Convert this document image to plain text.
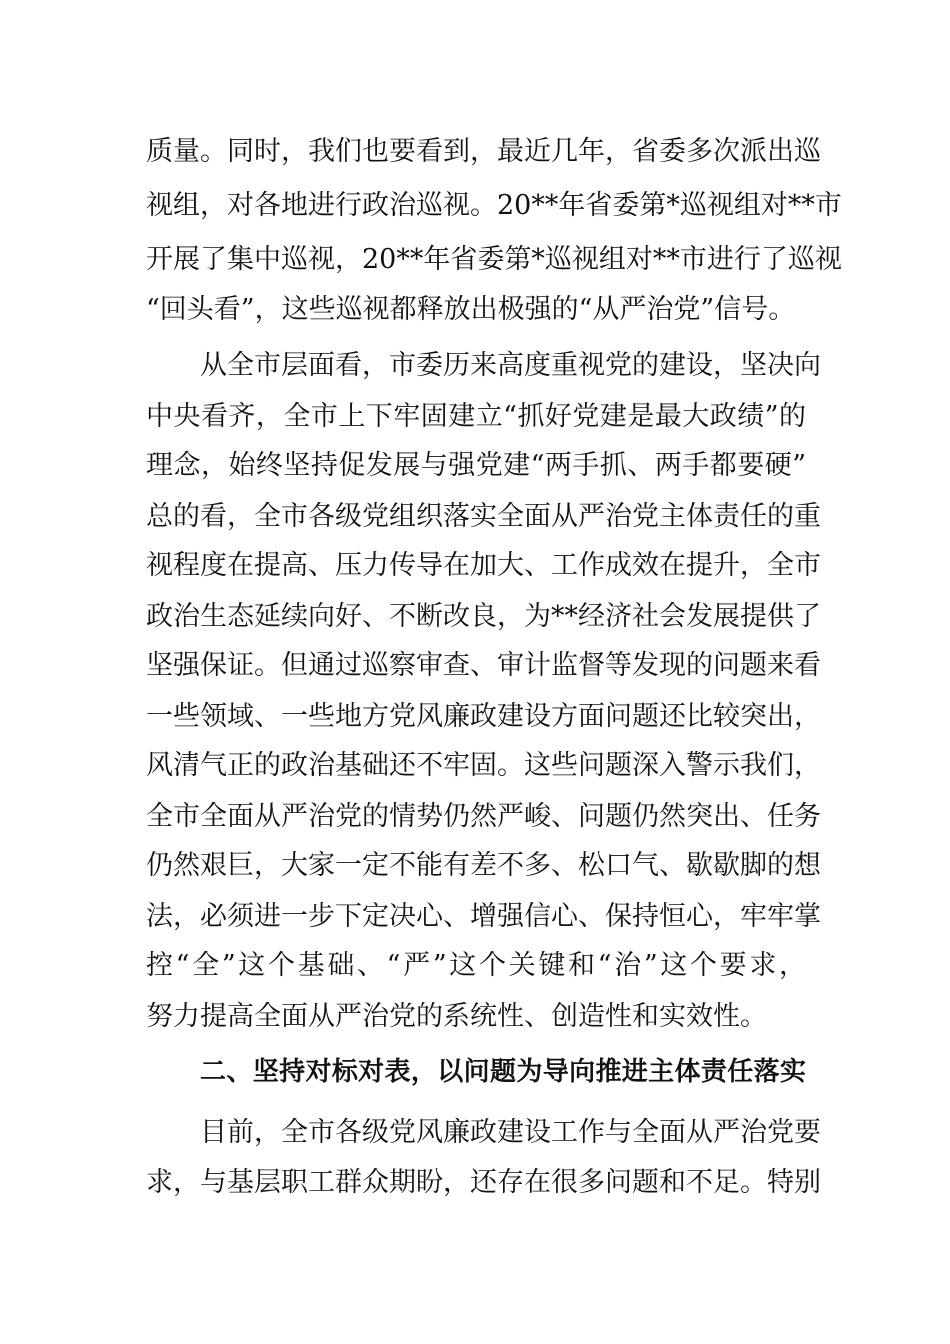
质量。同时，我们也要看到，最近几年，省委多次派出巡
视组，对各地进行政治巡视。20**年省委第*巡视组对**市
开展了集中巡视，20**年省委第*巡视组对**市进行了巡视
“回头看”，这些巡视都释放出极强的“从严治党”信号。
从全市层面看，市委历来高度重视党的建设，坚决向
中央看齐，全市上下牢固建立“抓好党建是最大政绩”的
理念，始终坚持促发展与强党建“两手抓、两手都要硬”
总的看，全市各级党组织落实全面从严治党主体责任的重
视程度在提高、压力传导在加大、工作成效在提升，全市
政治生态延续向好、不断改良，为**经济社会发展提供了
坚强保证。但通过巡察审查、审计监督等发现的问题来看
一些领域、一些地方党风廉政建设方面问题还比较突出，
风清气正的政治基础还不牢固。这些问题深入警示我们，
全市全面从严治党的情势仍然严峻、问题仍然突出、任务
仍然艰巨，大家一定不能有差不多、松口气、歇歇脚的想
法，必须进一步下定决心、增强信心、保持恒心，牢牢掌
控“全”这个基础、“严”这个关键和“治”这个要求，
努力提高全面从严治党的系统性、创造性和实效性。
二、坚持对标对表，以问题为导向推进主体责任落实
目前，全市各级党风廉政建设工作与全面从严治党要
求，与基层职工群众期盼，还存在很多问题和不足。特别
